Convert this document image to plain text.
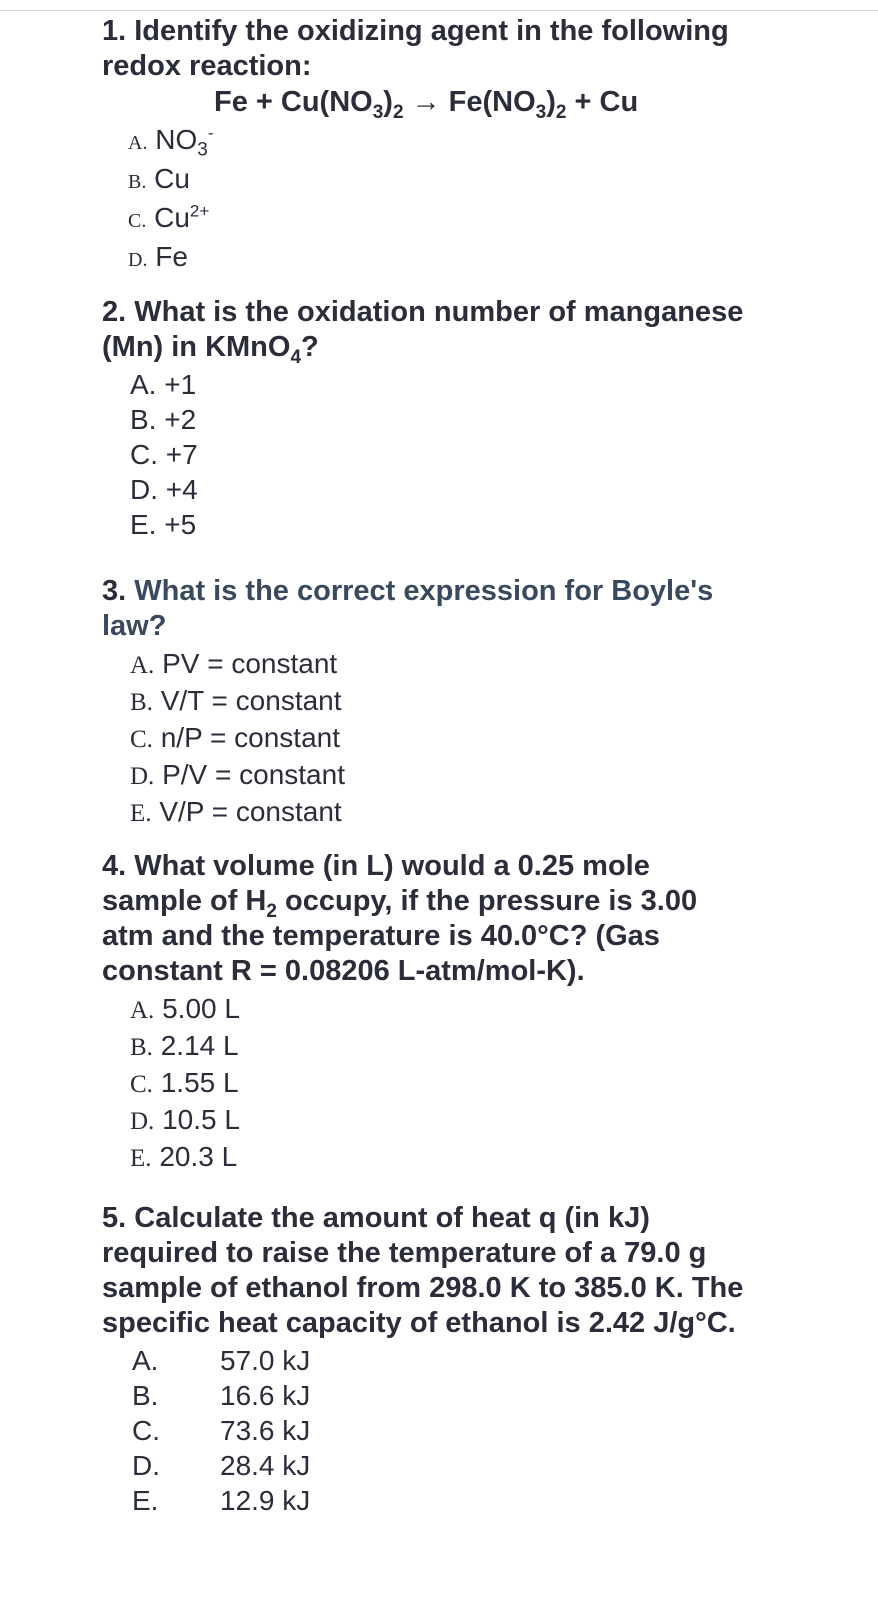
1. Identify the oxidizing agent in the following redox reaction:

$Fe + Cu(NO_3)_2 \to Fe(NO_3)_2 + Cu$
A. $NO_3^-$
B. Cu
C. $Cu^{2+}$
D. Fe

2. What is the oxidation number of manganese
(Mn) in KMnO$_4$?

A. +1
B. +2
C. +7
D. +4
E. +5

3. What is the correct expression for Boyle's law?

A. PV = constant
B. V/T = constant
C. n/P = constant
D. P/V = constant
E. V/P = constant

4. What volume (in L) would a 0.25 mole
sample of $H_2$ occupy, if the pressure is 3.00
atm and the temperature is 40.0°C? (Gas
constant R = 0.08206 L-atm/mol-K).

A. 5.00 L
B. 2.14 L
C. 1.55 L
D. 10.5 L
E. 20.3 L

5. Calculate the amount of heat q (in kJ)
required to raise the temperature of a 79.0 g
sample of ethanol from 298.0 K to 385.0 K. The
specific heat capacity of ethanol is 2.42 J/g°C.

A. 57.0 kJ
B. 16.6 kJ
C. 73.6 kJ
D. 28.4 kJ
E. 12.9 kJ
